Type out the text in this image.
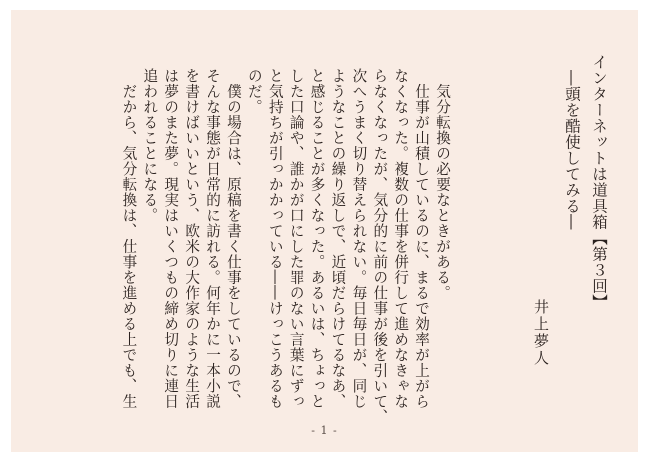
インターネットは道具箱【第３回】
―頭を酷使してみる―
井上夢人
　気分転換の必要なときがある。
　仕事が山積しているのに、まるで効率が上がら
なくなった。複数の仕事を併行して進めなきゃな
らなくなったが、気分的に前の仕事が後を引いて、
次へうまく切り替えられない。毎日毎日が、同じ
ようなことの繰り返しで、近頃だらけてるなあ、
と感じることが多くなった。あるいは、ちょっと
した口論や、誰かが口にした罪のない言葉にずっ
と気持ちが引っかかっている――けっこうあるも
のだ。
　僕の場合は、原稿を書く仕事をしているので、
そんな事態が日常的に訪れる。何年かに一本小説
を書けばいいという、欧米の大作家のような生活
は夢のまた夢。現実はいくつもの締め切りに連日
追われることになる。
　だから、気分転換は、仕事を進める上でも、生
- 1 -
